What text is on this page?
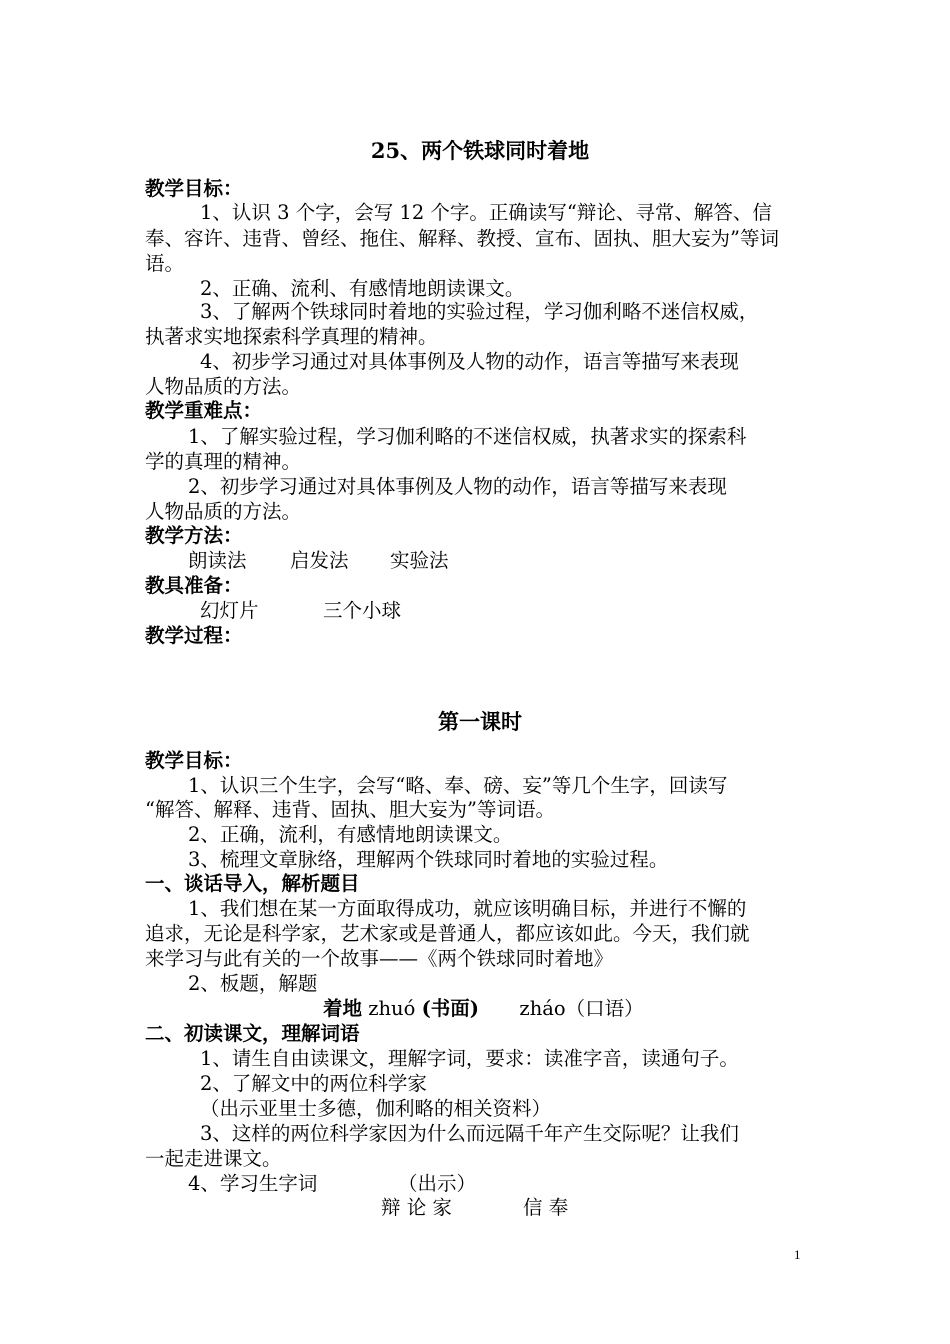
25、两个铁球同时着地
教学目标：
1、认识 3 个字，会写 12 个字。正确读写“辩论、寻常、解答、信
奉、容许、违背、曾经、拖住、解释、教授、宣布、固执、胆大妄为”等词
语。
2、正确、流利、有感情地朗读课文。
3、了解两个铁球同时着地的实验过程，学习伽利略不迷信权威，
执著求实地探索科学真理的精神。
4、初步学习通过对具体事例及人物的动作，语言等描写来表现
人物品质的方法。
教学重难点：
1、了解实验过程，学习伽利略的不迷信权威，执著求实的探索科
学的真理的精神。
2、初步学习通过对具体事例及人物的动作，语言等描写来表现
人物品质的方法。
教学方法：
朗读法 启发法 实验法
教具准备：
幻灯片	三个小球
教学过程：
第一课时
教学目标：
1、认识三个生字，会写“略、奉、磅、妄”等几个生字，回读写
“解答、解释、违背、固执、胆大妄为”等词语。
2、正确，流利，有感情地朗读课文。
3、梳理文章脉络，理解两个铁球同时着地的实验过程。
一、谈话导入，解析题目
1、我们想在某一方面取得成功，就应该明确目标，并进行不懈的
追求，无论是科学家，艺术家或是普通人，都应该如此。今天，我们就
来学习与此有关的一个故事——《两个铁球同时着地》
2、板题，解题
着地 zhuó (书面) zháo（口语）
二、初读课文，理解词语
1、请生自由读课文，理解字词，要求：读准字音，读通句子。
2、了解文中的两位科学家
（出示亚里士多德，伽利略的相关资料）
3、这样的两位科学家因为什么而远隔千年产生交际呢？让我们
一起走进课文。
4、学习生字词	（出示）
辩 论 家	信 奉
1
